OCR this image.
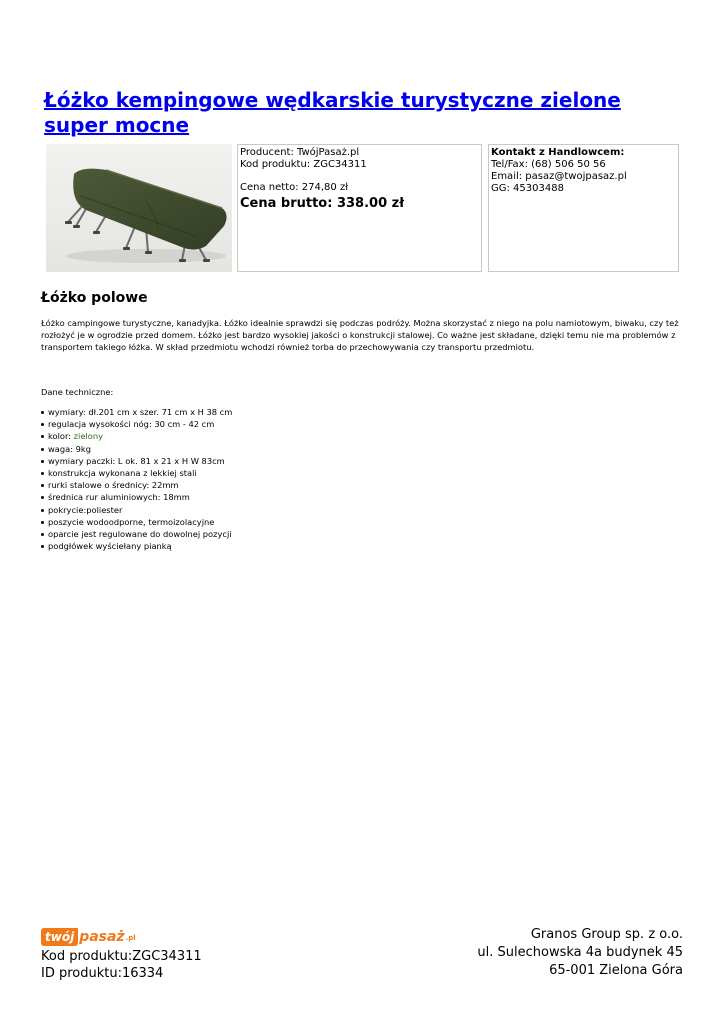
Łóżko kempingowe wędkarskie turystyczne zielone super mocne
Producent: TwójPasaż.pl
Kod produktu: ZGC34311
Cena netto: 274,80 zł
Cena brutto: 338.00 zł
Kontakt z Handlowcem:
Tel/Fax: (68) 506 50 56
Email: pasaz@twojpasaz.pl
GG: 45303488
Łóżko polowe

Łóżko campingowe turystyczne, kanadyjka. Łóżko idealnie sprawdzi się podczas podróży. Można skorzystać z niego na polu namiotowym, biwaku, czy też rozłożyć je w ogrodzie przed domem. Łóżko jest bardzo wysokiej jakości o konstrukcji stalowej. Co ważne jest składane, dzięki temu nie ma problemów z transportem takiego łóżka. W skład przedmiotu wchodzi również torba do przechowywania czy transportu przedmiotu.

Dane techniczne:
wymiary: dł.201 cm x szer. 71 cm x H 38 cm
regulacja wysokości nóg: 30 cm - 42 cm
kolor: zielony
waga: 9kg
wymiary paczki: L ok. 81 x 21 x H W 83cm
konstrukcja wykonana z lekkiej stali
rurki stalowe o średnicy: 22mm
średnica rur aluminiowych: 18mm
pokrycie:poliester
poszycie wodoodporne, termoizolacyjne
oparcie jest regulowane do dowolnej pozycji
podgłówek wyściełany pianką
twój pasaż .pl
Kod produktu:ZGC34311
ID produktu:16334
Granos Group sp. z o.o.
ul. Sulechowska 4a budynek 45
65-001 Zielona Góra
